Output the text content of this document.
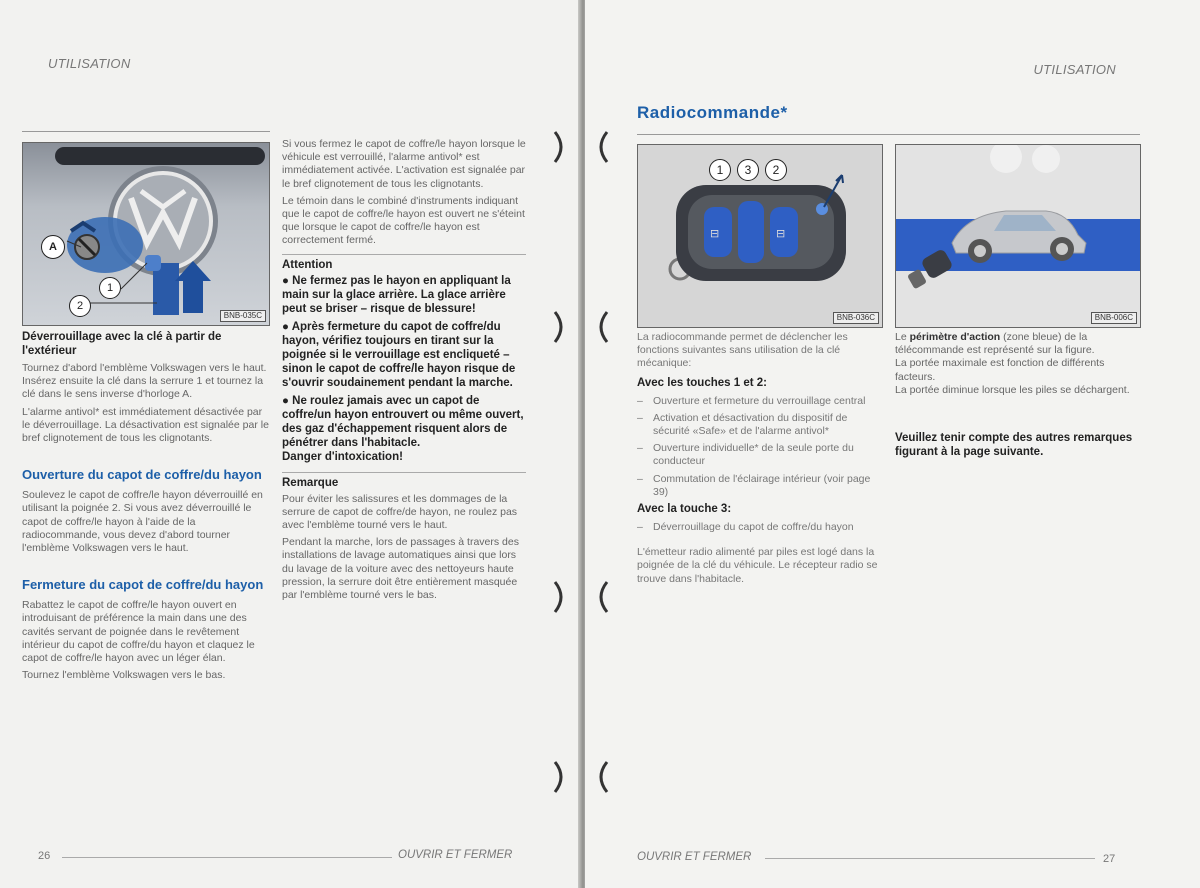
UTILISATION
A
1
2
BNB-035C

Déverrouillage avec la clé à partir de l'extérieur

Tournez d'abord l'emblème Volkswagen vers le haut. Insérez ensuite la clé dans la serrure 1 et tournez la clé dans le sens inverse d'horloge A.

L'alarme antivol* est immédiatement désactivée par le déverrouillage. La désactivation est signalée par le bref clignotement de tous les clignotants.

Ouverture du capot de coffre/du hayon

Soulevez le capot de coffre/le hayon déverrouillé en utilisant la poignée 2. Si vous avez déverrouillé le capot de coffre/le hayon à l'aide de la radiocommande, vous devez d'abord tourner l'emblème Volkswagen vers le haut.

Fermeture du capot de coffre/du hayon

Rabattez le capot de coffre/le hayon ouvert en introduisant de préférence la main dans une des cavités servant de poignée dans le revêtement intérieur du capot de coffre/du hayon et claquez le capot de coffre/le hayon avec un léger élan.

Tournez l'emblème Volkswagen vers le bas.

Si vous fermez le capot de coffre/le hayon lorsque le véhicule est verrouillé, l'alarme antivol* est immédiatement activée. L'activation est signalée par le bref clignotement de tous les clignotants.

Le témoin dans le combiné d'instruments indiquant que le capot de coffre/le hayon est ouvert ne s'éteint que lorsque le capot de coffre/le hayon est correctement fermé.

Attention

● Ne fermez pas le hayon en appliquant la main sur la glace arrière. La glace arrière peut se briser – risque de blessure!

● Après fermeture du capot de coffre/du hayon, vérifiez toujours en tirant sur la poignée si le verrouillage est encliqueté – sinon le capot de coffre/le hayon risque de s'ouvrir soudainement pendant la marche.

● Ne roulez jamais avec un capot de coffre/un hayon entrouvert ou même ouvert, des gaz d'échappement risquent alors de pénétrer dans l'habitacle.

Danger d'intoxication!

Remarque

Pour éviter les salissures et les dommages de la serrure de capot de coffre/de hayon, ne roulez pas avec l'emblème tourné vers le haut.

Pendant la marche, lors de passages à travers des installations de lavage automatiques ainsi que lors du lavage de la voiture avec des nettoyeurs haute pression, la serrure doit être entièrement masquée par l'emblème tourné vers le bas.

26	OUVRIR ET FERMER
UTILISATION
Radiocommande*
⊟	⊟
1	3	2
BNB-036C	BNB-006C

La radiocommande permet de déclencher les fonctions suivantes sans utilisation de la clé mécanique:

Avec les touches 1 et 2:

– Ouverture et fermeture du verrouillage central
– Activation et désactivation du dispositif de sécurité «Safe» et de l'alarme antivol*
– Ouverture individuelle* de la seule porte du conducteur
– Commutation de l'éclairage intérieur (voir page 39)

Avec la touche 3:

– Déverrouillage du capot de coffre/du hayon

L'émetteur radio alimenté par piles est logé dans la poignée de la clé du véhicule. Le récepteur radio se trouve dans l'habitacle.

Le périmètre d'action (zone bleue) de la télécommande est représenté sur la figure.

La portée maximale est fonction de différents facteurs.

La portée diminue lorsque les piles se déchargent.

Veuillez tenir compte des autres remarques figurant à la page suivante.

OUVRIR ET FERMER	27
